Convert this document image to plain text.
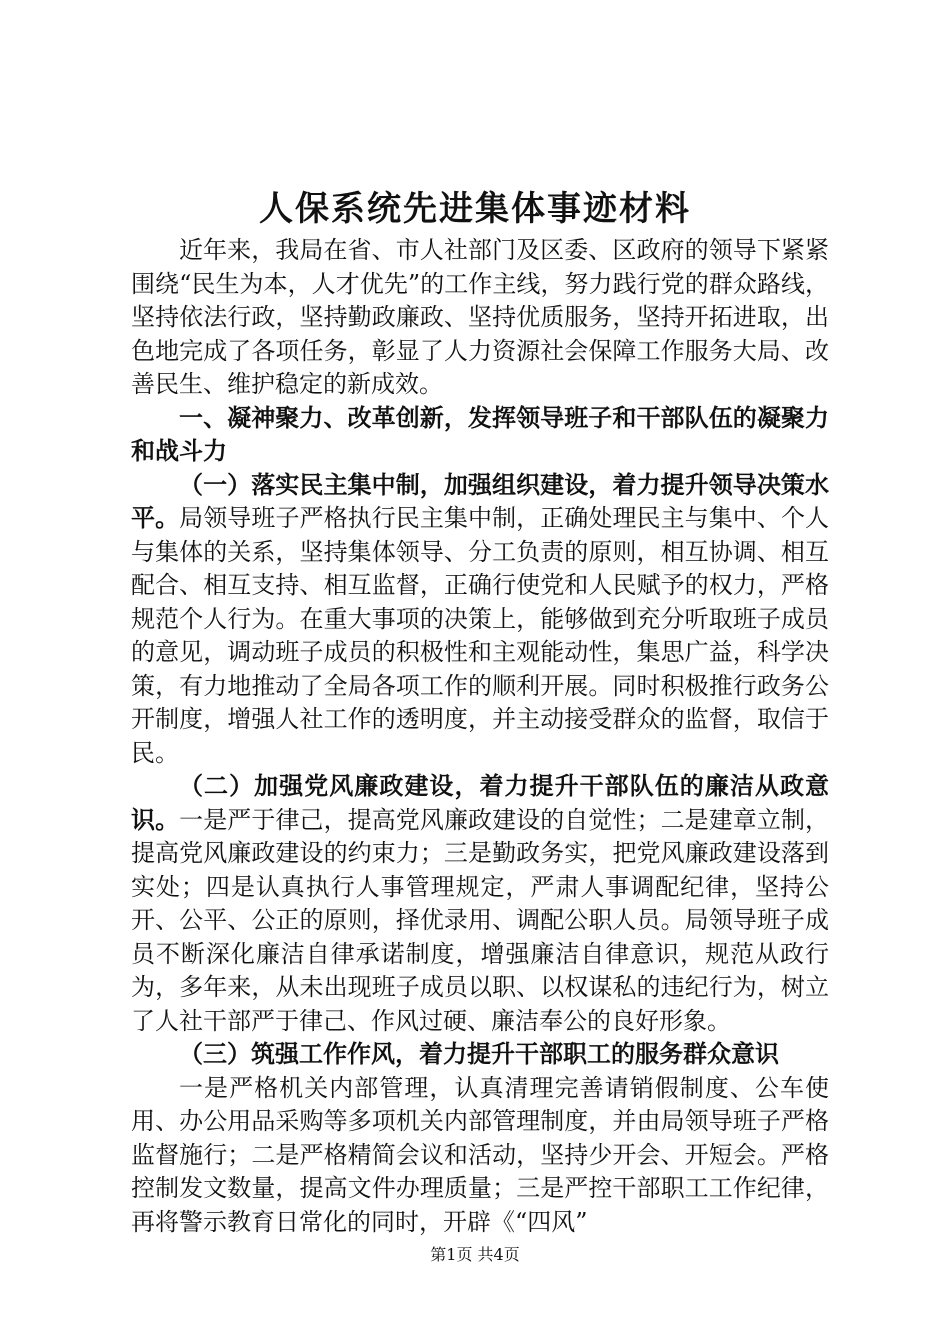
人保系统先进集体事迹材料

近年来，我局在省、市人社部门及区委、区政府的领导下紧紧围绕“民生为本，人才优先”的工作主线，努力践行党的群众路线，坚持依法行政，坚持勤政廉政、坚持优质服务，坚持开拓进取，出色地完成了各项任务，彰显了人力资源社会保障工作服务大局、改善民生、维护稳定的新成效。

一、凝神聚力、改革创新，发挥领导班子和干部队伍的凝聚力和战斗力

（一）落实民主集中制，加强组织建设，着力提升领导决策水平。局领导班子严格执行民主集中制，正确处理民主与集中、个人与集体的关系，坚持集体领导、分工负责的原则，相互协调、相互配合、相互支持、相互监督，正确行使党和人民赋予的权力，严格规范个人行为。在重大事项的决策上，能够做到充分听取班子成员的意见，调动班子成员的积极性和主观能动性，集思广益，科学决策，有力地推动了全局各项工作的顺利开展。同时积极推行政务公开制度，增强人社工作的透明度，并主动接受群众的监督，取信于民。

（二）加强党风廉政建设，着力提升干部队伍的廉洁从政意识。一是严于律己，提高党风廉政建设的自觉性；二是建章立制，提高党风廉政建设的约束力；三是勤政务实，把党风廉政建设落到实处；四是认真执行人事管理规定，严肃人事调配纪律，坚持公开、公平、公正的原则，择优录用、调配公职人员。局领导班子成员不断深化廉洁自律承诺制度，增强廉洁自律意识，规范从政行为，多年来，从未出现班子成员以职、以权谋私的违纪行为，树立了人社干部严于律己、作风过硬、廉洁奉公的良好形象。

（三）筑强工作作风，着力提升干部职工的服务群众意识

一是严格机关内部管理，认真清理完善请销假制度、公车使用、办公用品采购等多项机关内部管理制度，并由局领导班子严格监督施行；二是严格精简会议和活动，坚持少开会、开短会。严格控制发文数量，提高文件办理质量；三是严控干部职工工作纪律，再将警示教育日常化的同时，开辟《“四风”

第1页 共4页
